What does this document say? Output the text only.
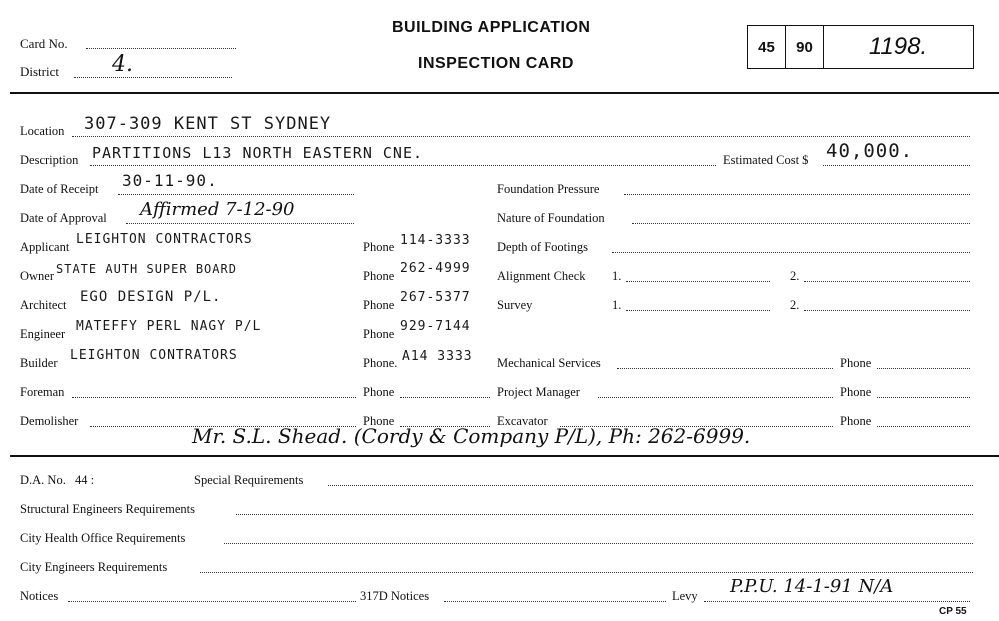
Card No.
District 4.
BUILDING APPLICATION
INSPECTION CARD
45	90	1198.
Location 307-309 KENT ST SYDNEY
Description PARTITIONS L13 NORTH EASTERN CNE.	Estimated Cost $ 40,000.
Date of Receipt 30-11-90.	Foundation Pressure
Date of Approval Affirmed 7-12-90	Nature of Foundation
Applicant LEIGHTON CONTRACTORS	Phone 114-3333 Depth of Footings
Owner STATE AUTH SUPER BOARD	Phone 262-4999 Alignment Check 1.	2.
Architect EGO DESIGN P/L.	Phone 267-5377 Survey	1.	2.
Engineer MATEFFY PERL NAGY P/L	Phone 929-7144
Builder LEIGHTON CONTRATORS	Phone. A14 3333 Mechanical Services	Phone
Foreman	Phone	Project Manager	Phone
Demolisher	Phone	Excavator	Phone
Mr. S.L. Shead. (Cordy & Company P/L), Ph: 262-6999.
D.A. No. 44 :	Special Requirements
Structural Engineers Requirements
City Health Office Requirements
City Engineers Requirements
Notices	317D Notices	Levy P.P.U. 14-1-91 N/A
CP 55
